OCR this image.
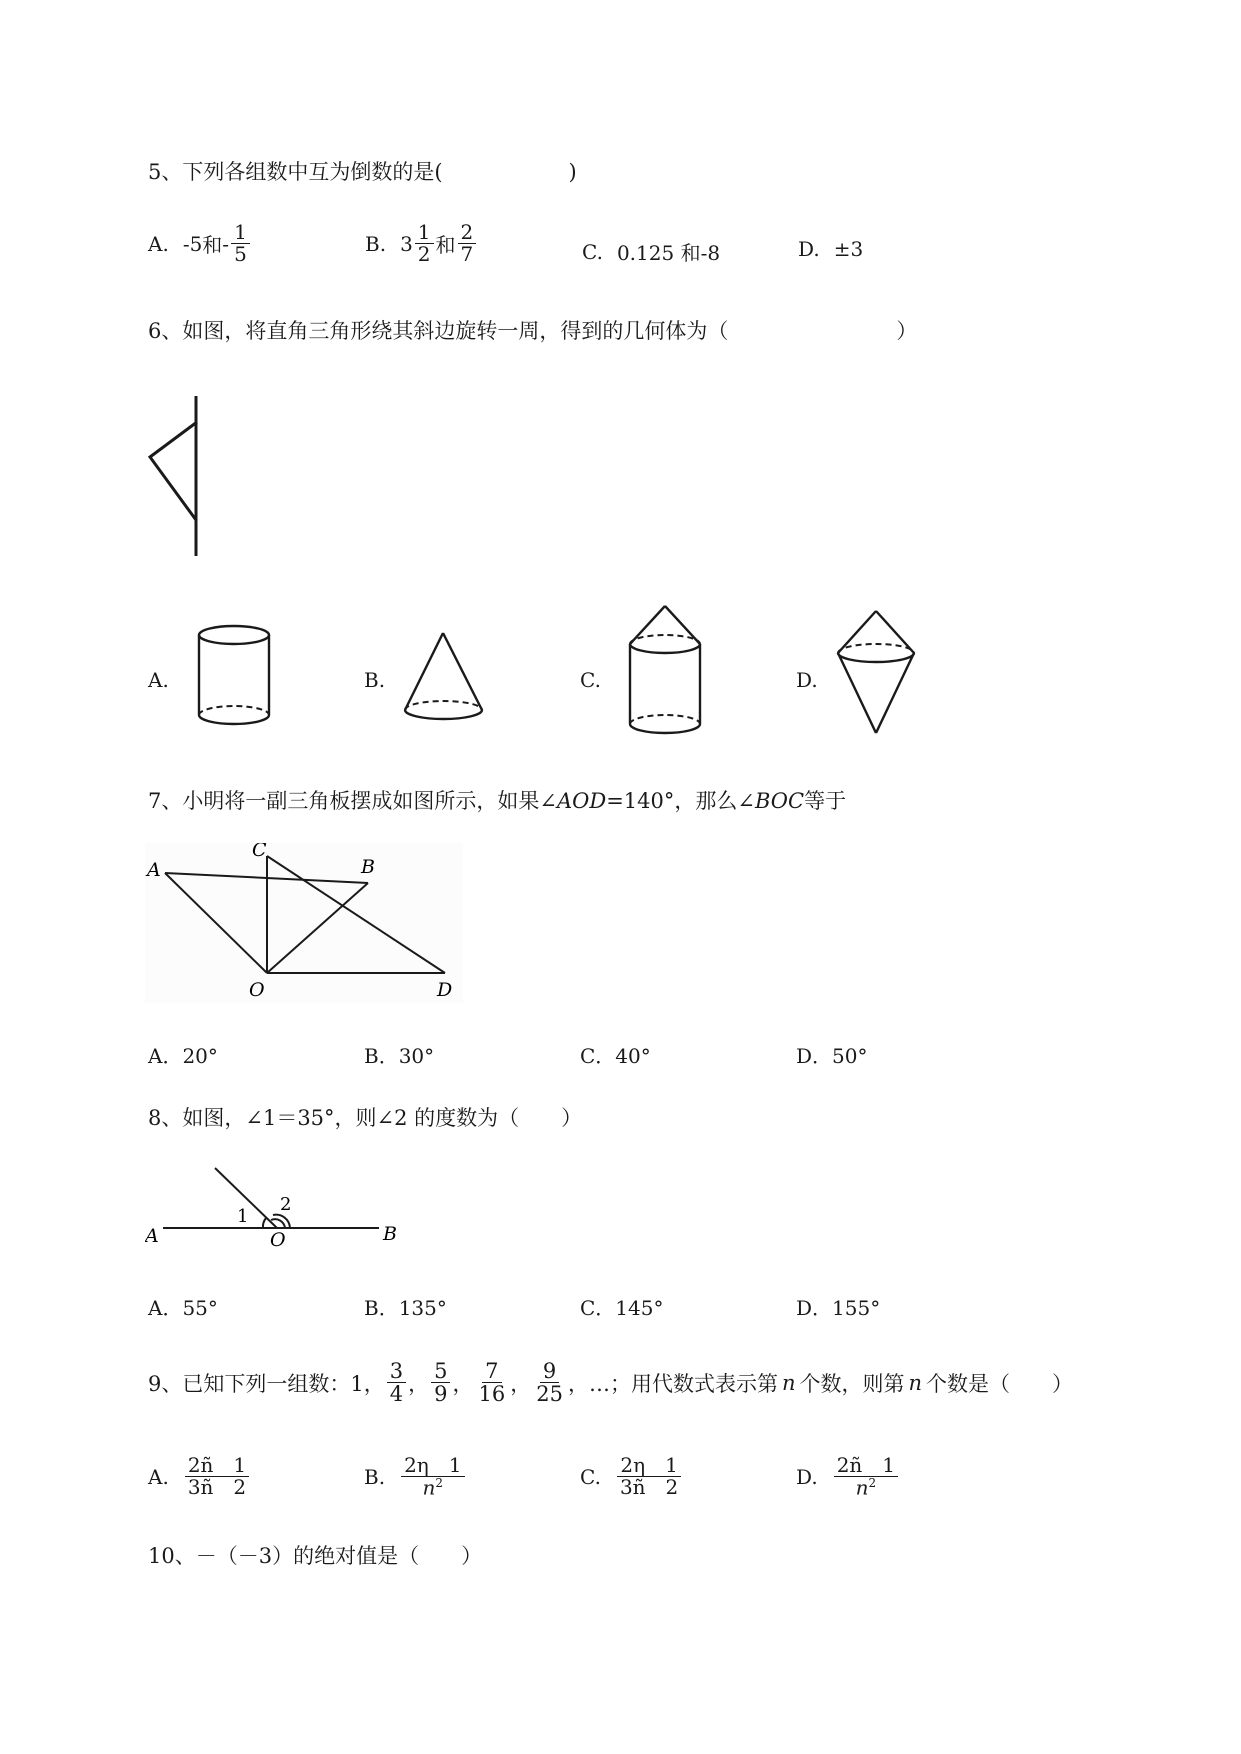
5、下列各组数中互为倒数的是(　　　　　　)
A. -5 和 - $\frac{1}{5}$	B. $3 \frac{1}{2}$ 和 $\frac{2}{7}$	C. 0.125 和-8	D. ±3
6、如图，将直角三角形绕其斜边旋转一周，得到的几何体为（　　　　　　　　）
A.	B.	C.	D.
7、小明将一副三角板摆成如图所示，如果∠AOD=140°，那么∠BOC等于
A
C
B
O	D
A．20°	B．30°	C．40°	D．50°
8、如图，∠1＝35°，则∠2 的度数为（　　）
A	O	B
1
2
A．55°	B．135°	C．145°	D．155°
9、已知下列一组数：1， $\frac{3}{4}$ ， $\frac{5}{9}$ ， $\frac{7}{16}$ ， $\frac{9}{25}$ ，…；用代数式表示第 n 个数，则第 n 个数是（　　）
A. $\frac{2ñ 1}{3ñ 2}$	B. $\frac{2\eta 1}{n^2}$	C. $\frac{2\eta 1}{3ñ 2}$	D. $\frac{2ñ 1}{n^2}$
10、－（－3）的绝对值是（　　）
